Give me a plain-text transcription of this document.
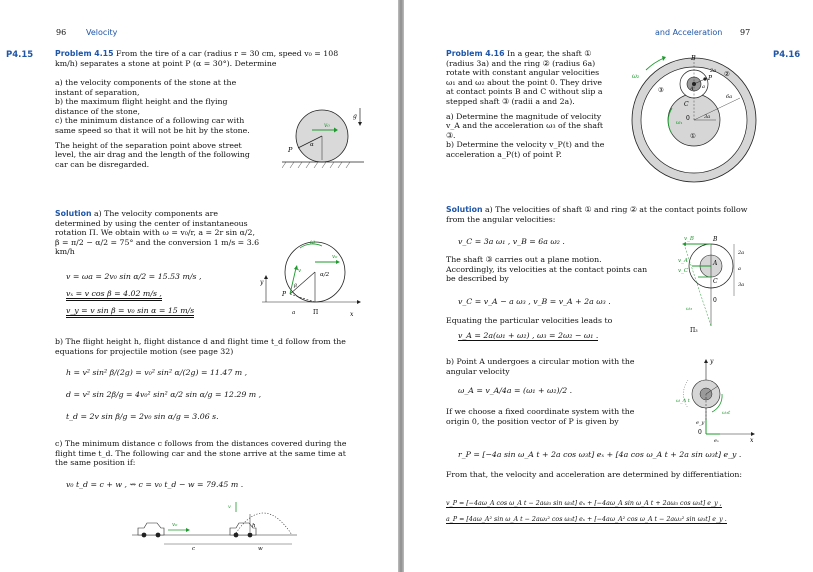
96 Velocity
P4.15	Problem 4.15 From the tire of a car (radius r = 30 cm, speed v₀ = 108 km/h) separates a stone at point P (α = 30°). Determine
a) the velocity components of the stone at the instant of separation,
b) the maximum flight height and the flying distance of the stone,
c) the minimum distance of a following car with same speed so that it will not be hit by the stone.
The height of the separation point above street level, the air drag and the length of the following car can be disregarded.
v₀
P
α
g
Solution a) The velocity components are determined by using the center of instantaneous rotation Π. We obtain with ω = v₀/r, a = 2r sin α/2, β = π/2 − α/2 = 75° and the conversion 1 m/s = 3.6 km/h
x
y
ω
v₀
α/2
v
β
P
a	Π
v = ωa = 2v₀ sin α/2 = 15.53 m/s ,
vₓ = v cos β = 4.02 m/s ,
v_y = v sin β = v₀ sin α = 15 m/s
b) The flight height h, flight distance d and flight time t_d follow from the equations for projectile motion (see page 32)
h = v² sin² β/(2g) = v₀² sin² α/(2g) = 11.47 m ,
d = v² sin 2β/g = 4v₀² sin² α/2 sin α/g = 12.29 m ,
t_d = 2v sin β/g = 2v₀ sin α/g = 3.06 s.
c) The minimum distance c follows from the distances covered during the flight time t_d. The following car and the stone arrive at the same time at the same position if:
v₀ t_d = c + w , ⇝ c = v₀ t_d − w = 79.45 m .
v₀
v
h
c	w
and Acceleration 97
P4.16
Problem 4.16 In a gear, the shaft ① (radius 3a) and the ring ② (radius 6a) rotate with constant angular velocities ω₁ and ω₂ about the point 0. They drive at contact points B and C without slip a stepped shaft ③ (radii a and 2a).
a) Determine the magnitude of velocity v_A and the acceleration ω₃ of the shaft ③.
b) Determine the velocity v_P(t) and the acceleration a_P(t) of point P.
ω₂
ω₁
B
P
C
A
①
②
③	a
2a
3a
6a
0
Solution a) The velocities of shaft ① and ring ② at the contact points follow from the angular velocities:
v_C = 3a ω₁ , v_B = 6a ω₂ .
The shaft ③ carries out a plane motion. Accordingly, its velocities at the contact points can be described by
v_C = v_A − a ω₃ , v_B = v_A + 2a ω₃ .
Equating the particular velocities leads to
v_A = 2a(ω₁ + ω₂) , ω₃ = 2ω₂ − ω₁ .
v_B
v_A
v_C
B
A
C
2a
a
3a
0
ω₃
Π₃
b) Point A undergoes a circular motion with the angular velocity
ω_A = v_A/4a = (ω₁ + ω₂)/2 .
If we choose a fixed coordinate system with the origin 0, the position vector of P is given by
x
y
ω₃t
ω_A t
e_y
eₓ
0
r_P = [−4a sin ω_A t + 2a cos ω₃t] eₓ + [4a cos ω_A t + 2a sin ω₃t] e_y .
From that, the velocity and acceleration are determined by differentiation:
v_P = [−4aω_A cos ω_A t − 2aω₃ sin ω₃t] eₓ + [−4aω_A sin ω_A t + 2aω₃ cos ω₃t] e_y ,
a_P = [4aω_A² sin ω_A t − 2aω₃² cos ω₃t] eₓ + [−4aω_A² cos ω_A t − 2aω₃² sin ω₃t] e_y .
